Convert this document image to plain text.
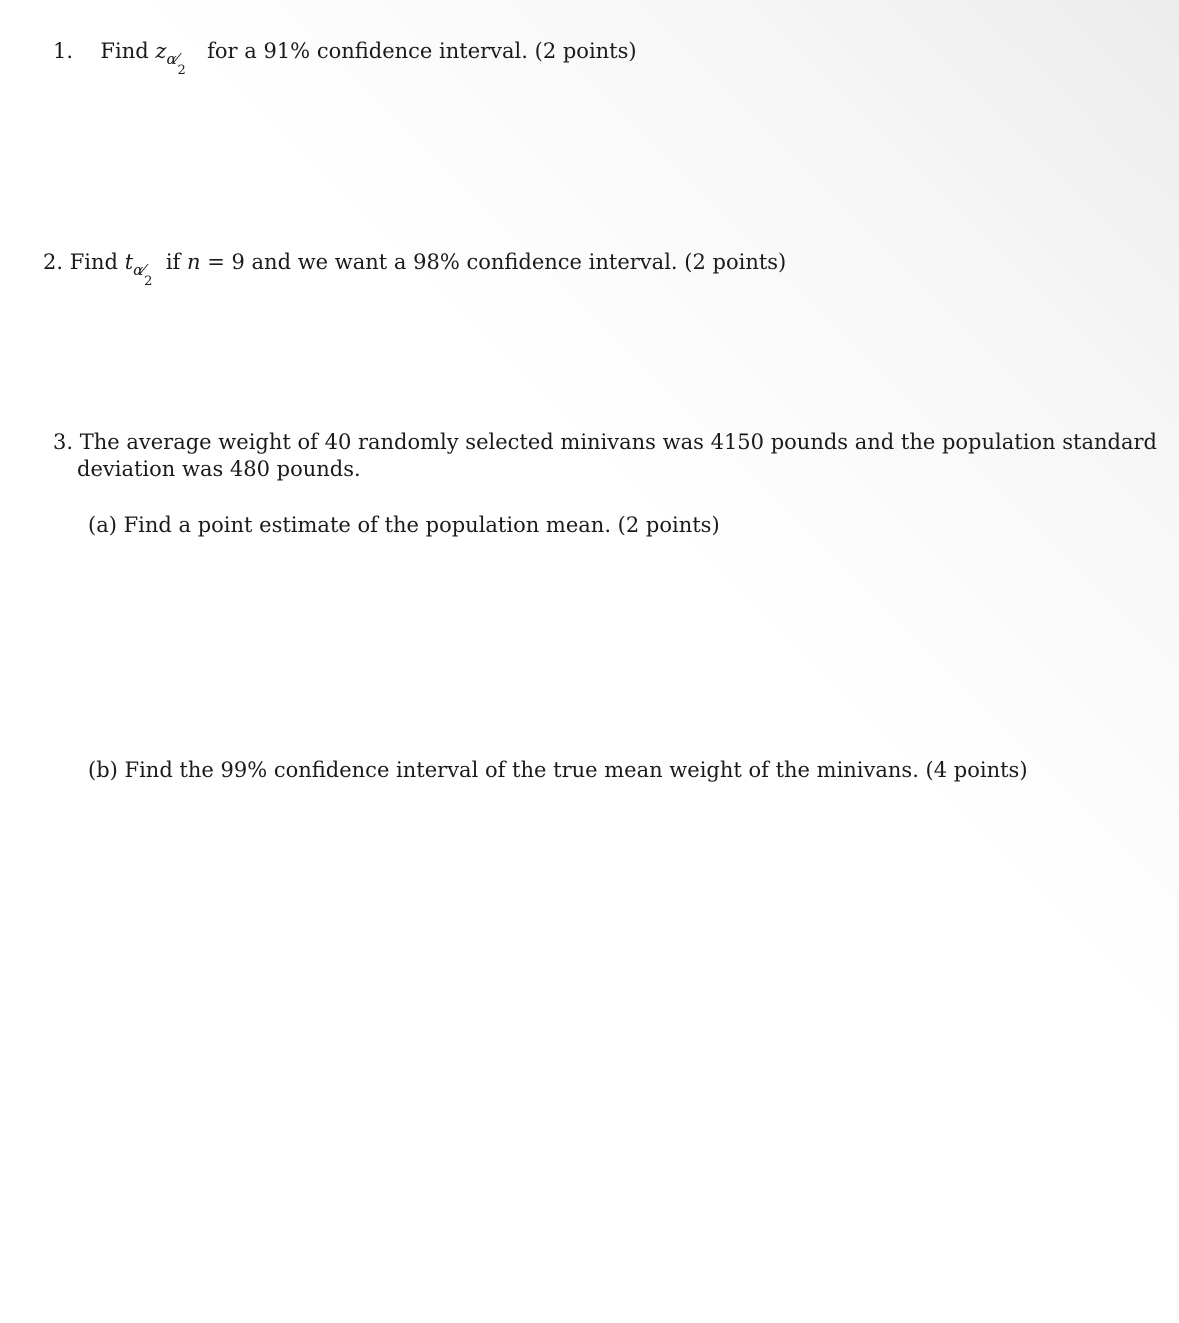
1. Find z α⁄
2
for a 91% confidence interval. (2 points)
2. Find t α⁄
2
if n = 9 and we want a 98% confidence interval. (2 points)
3. The average weight of 40 randomly selected minivans was 4150 pounds and the population standard
deviation was 480 pounds.
(a) Find a point estimate of the population mean. (2 points)
(b) Find the 99% confidence interval of the true mean weight of the minivans. (4 points)
